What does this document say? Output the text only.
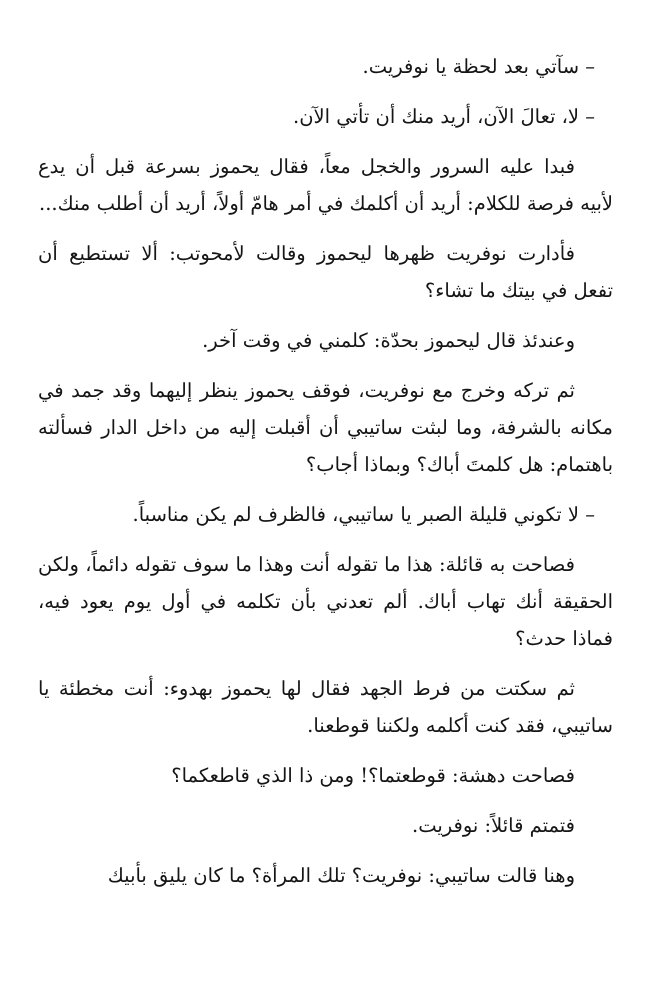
– سآتي بعد لحظة يا نوفريت.

– لا، تعالَ الآن، أريد منك أن تأتي الآن.

فبدا عليه السرور والخجل معاً، فقال يحموز بسرعة قبل أن يدع لأبيه فرصة للكلام: أريد أن أكلمك في أمر هامّ أولاً، أريد أن أطلب منك...

فأدارت نوفريت ظهرها ليحموز وقالت لأمحوتب: ألا تستطيع أن تفعل في بيتك ما تشاء؟

وعندئذ قال ليحموز بحدّة: كلمني في وقت آخر.

ثم تركه وخرج مع نوفريت، فوقف يحموز ينظر إليهما وقد جمد في مكانه بالشرفة، وما لبثت ساتيبي أن أقبلت إليه من داخل الدار فسألته باهتمام: هل كلمتَ أباك؟ وبماذا أجاب؟

– لا تكوني قليلة الصبر يا ساتيبي، فالظرف لم يكن مناسباً.

فصاحت به قائلة: هذا ما تقوله أنت وهذا ما سوف تقوله دائماً، ولكن الحقيقة أنك تهاب أباك. ألم تعدني بأن تكلمه في أول يوم يعود فيه، فماذا حدث؟

ثم سكتت من فرط الجهد فقال لها يحموز بهدوء: أنت مخطئة يا ساتيبي، فقد كنت أكلمه ولكننا قوطعنا.

فصاحت دهشة: قوطعتما؟! ومن ذا الذي قاطعكما؟

فتمتم قائلاً: نوفريت.

وهنا قالت ساتيبي: نوفريت؟ تلك المرأة؟ ما كان يليق بأبيك
